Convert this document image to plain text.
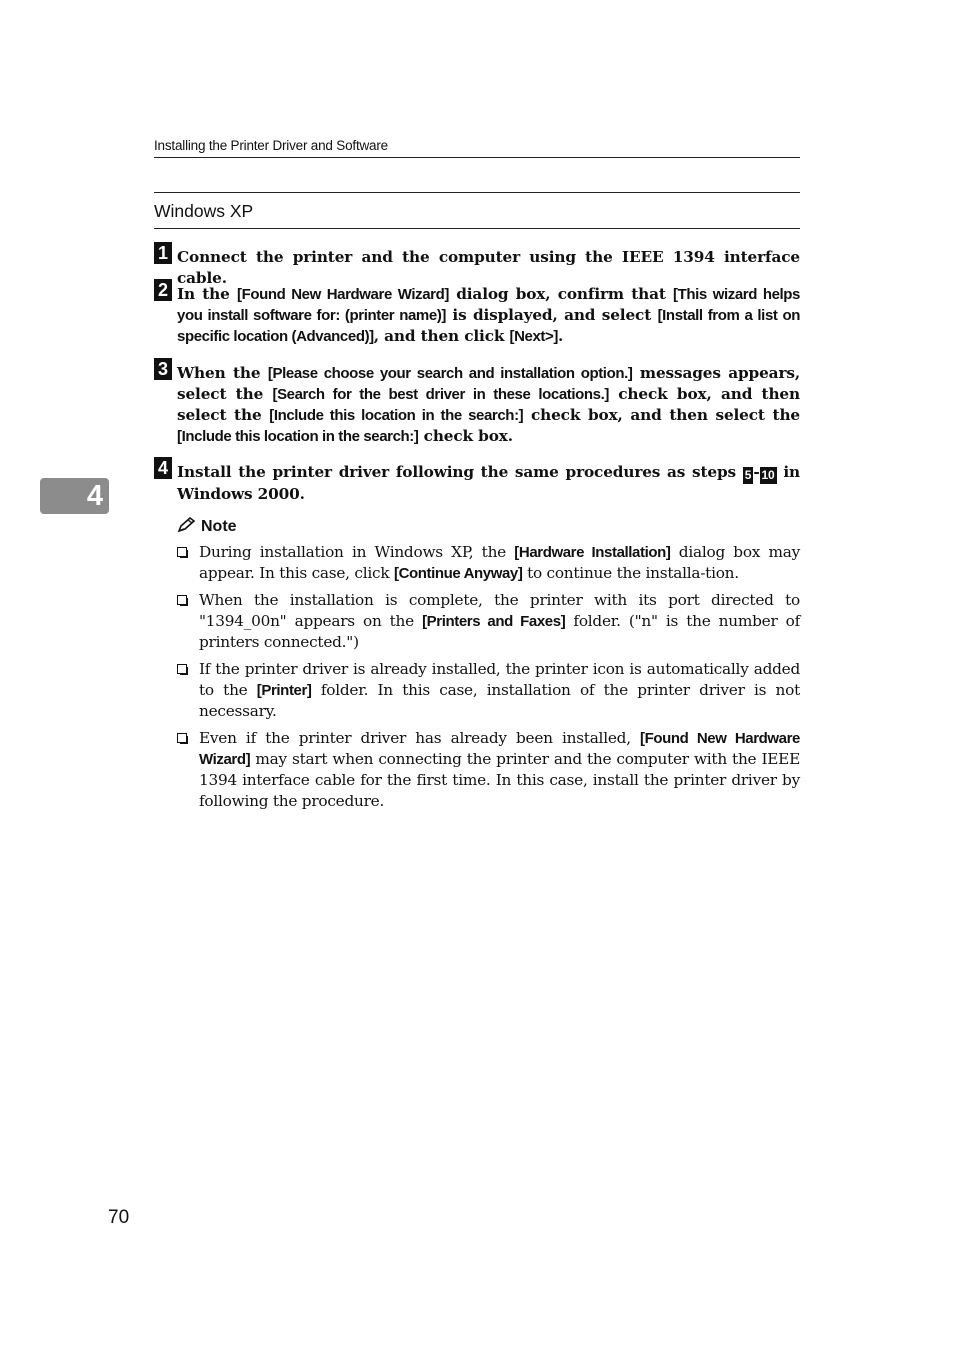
Installing the Printer Driver and Software
Windows XP
4
1 Connect the printer and the computer using the IEEE 1394 interface cable.
2 In the [Found New Hardware Wizard] dialog box, confirm that [This wizard helps you install software for: (printer name)] is displayed, and select [Install from a list on specific location (Advanced)], and then click [Next>].
3 When the [Please choose your search and installation option.] messages appears, select the [Search for the best driver in these locations.] check box, and then select the [Include this location in the search:] check box, and then select the [Include this location in the search:] check box.
4 Install the printer driver following the same procedures as steps 5 - 10 in Windows 2000.
Note
During installation in Windows XP, the [Hardware Installation] dialog box may appear. In this case, click [Continue Anyway] to continue the installa-tion.
When the installation is complete, the printer with its port directed to "1394_00n" appears on the [Printers and Faxes] folder. ("n" is the number of printers connected.")
If the printer driver is already installed, the printer icon is automatically added to the [Printer] folder. In this case, installation of the printer driver is not necessary.
Even if the printer driver has already been installed, [Found New Hardware Wizard] may start when connecting the printer and the computer with the IEEE 1394 interface cable for the first time. In this case, install the printer driver by following the procedure.
70
